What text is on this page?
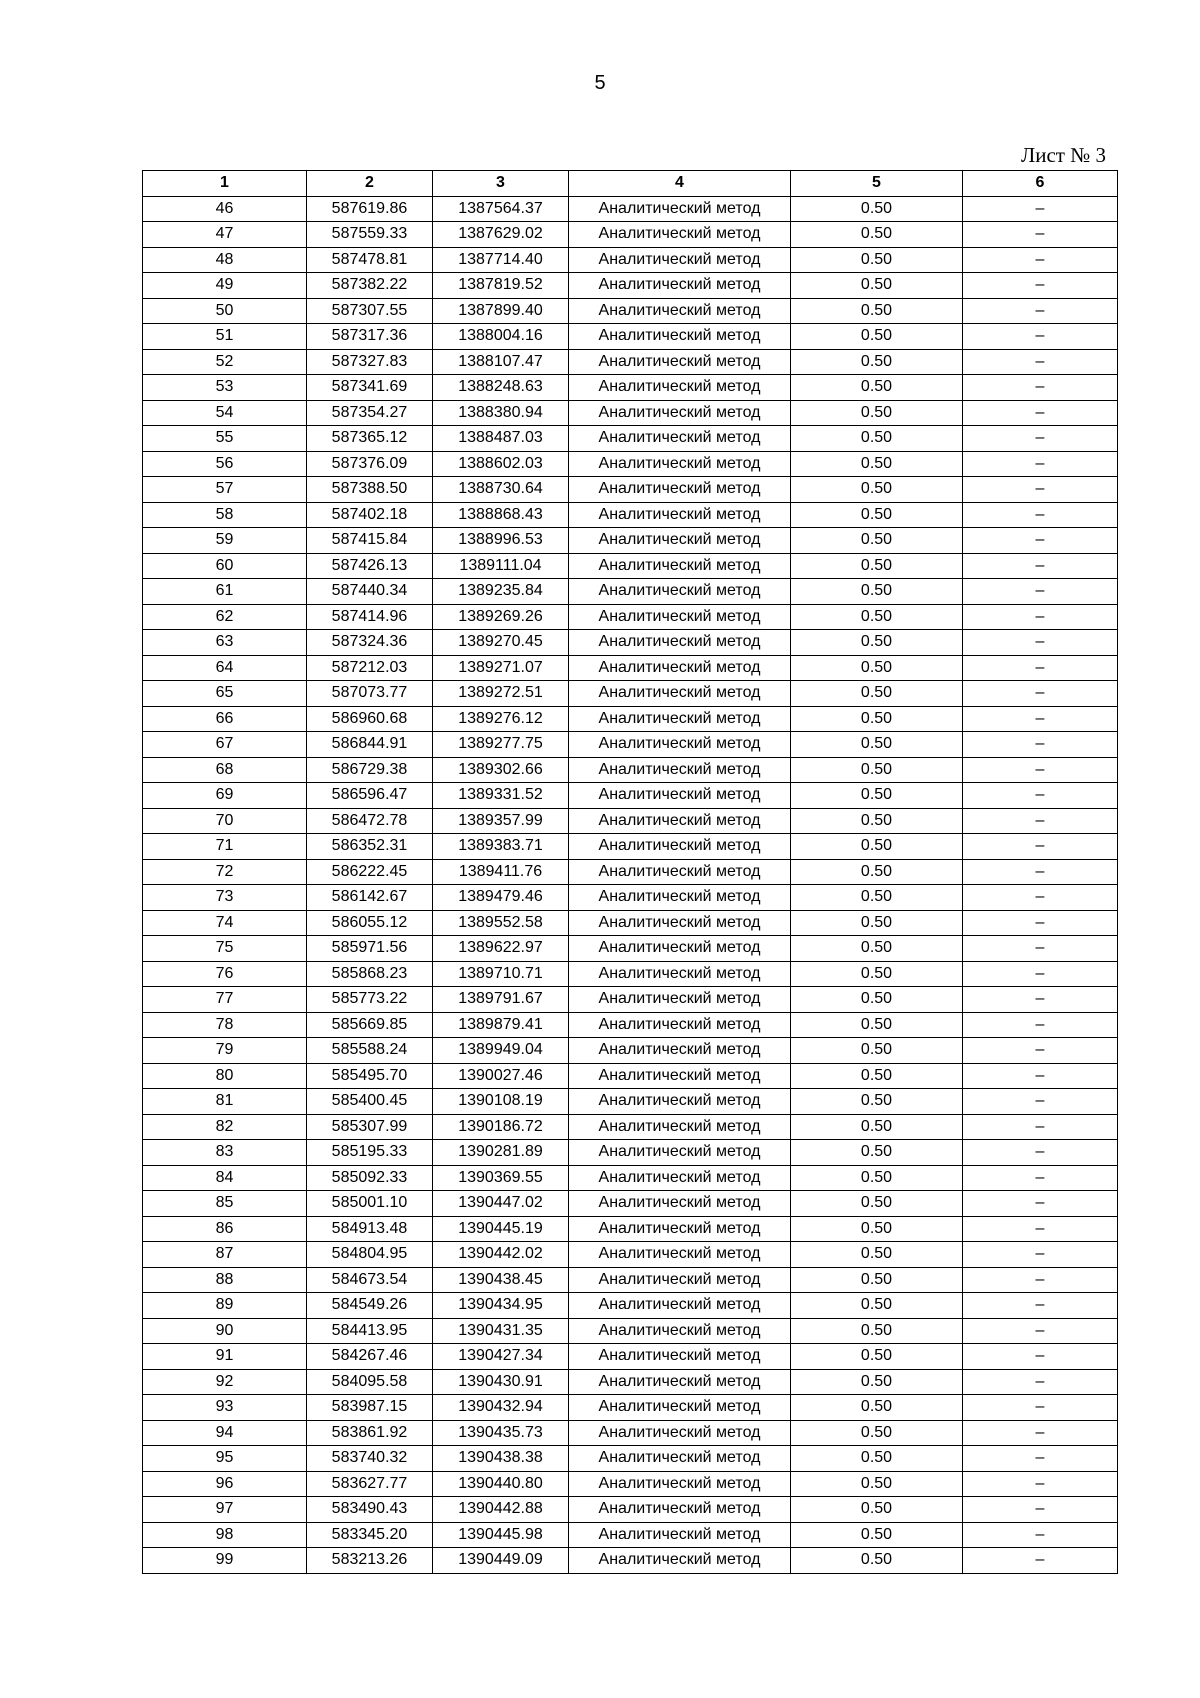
5
Лист № 3
1	2	3	4	5	6
46	587619.86	1387564.37	Аналитический метод	0.50	–
47	587559.33	1387629.02	Аналитический метод	0.50	–
48	587478.81	1387714.40	Аналитический метод	0.50	–
49	587382.22	1387819.52	Аналитический метод	0.50	–
50	587307.55	1387899.40	Аналитический метод	0.50	–
51	587317.36	1388004.16	Аналитический метод	0.50	–
52	587327.83	1388107.47	Аналитический метод	0.50	–
53	587341.69	1388248.63	Аналитический метод	0.50	–
54	587354.27	1388380.94	Аналитический метод	0.50	–
55	587365.12	1388487.03	Аналитический метод	0.50	–
56	587376.09	1388602.03	Аналитический метод	0.50	–
57	587388.50	1388730.64	Аналитический метод	0.50	–
58	587402.18	1388868.43	Аналитический метод	0.50	–
59	587415.84	1388996.53	Аналитический метод	0.50	–
60	587426.13	1389111.04	Аналитический метод	0.50	–
61	587440.34	1389235.84	Аналитический метод	0.50	–
62	587414.96	1389269.26	Аналитический метод	0.50	–
63	587324.36	1389270.45	Аналитический метод	0.50	–
64	587212.03	1389271.07	Аналитический метод	0.50	–
65	587073.77	1389272.51	Аналитический метод	0.50	–
66	586960.68	1389276.12	Аналитический метод	0.50	–
67	586844.91	1389277.75	Аналитический метод	0.50	–
68	586729.38	1389302.66	Аналитический метод	0.50	–
69	586596.47	1389331.52	Аналитический метод	0.50	–
70	586472.78	1389357.99	Аналитический метод	0.50	–
71	586352.31	1389383.71	Аналитический метод	0.50	–
72	586222.45	1389411.76	Аналитический метод	0.50	–
73	586142.67	1389479.46	Аналитический метод	0.50	–
74	586055.12	1389552.58	Аналитический метод	0.50	–
75	585971.56	1389622.97	Аналитический метод	0.50	–
76	585868.23	1389710.71	Аналитический метод	0.50	–
77	585773.22	1389791.67	Аналитический метод	0.50	–
78	585669.85	1389879.41	Аналитический метод	0.50	–
79	585588.24	1389949.04	Аналитический метод	0.50	–
80	585495.70	1390027.46	Аналитический метод	0.50	–
81	585400.45	1390108.19	Аналитический метод	0.50	–
82	585307.99	1390186.72	Аналитический метод	0.50	–
83	585195.33	1390281.89	Аналитический метод	0.50	–
84	585092.33	1390369.55	Аналитический метод	0.50	–
85	585001.10	1390447.02	Аналитический метод	0.50	–
86	584913.48	1390445.19	Аналитический метод	0.50	–
87	584804.95	1390442.02	Аналитический метод	0.50	–
88	584673.54	1390438.45	Аналитический метод	0.50	–
89	584549.26	1390434.95	Аналитический метод	0.50	–
90	584413.95	1390431.35	Аналитический метод	0.50	–
91	584267.46	1390427.34	Аналитический метод	0.50	–
92	584095.58	1390430.91	Аналитический метод	0.50	–
93	583987.15	1390432.94	Аналитический метод	0.50	–
94	583861.92	1390435.73	Аналитический метод	0.50	–
95	583740.32	1390438.38	Аналитический метод	0.50	–
96	583627.77	1390440.80	Аналитический метод	0.50	–
97	583490.43	1390442.88	Аналитический метод	0.50	–
98	583345.20	1390445.98	Аналитический метод	0.50	–
99	583213.26	1390449.09	Аналитический метод	0.50	–
